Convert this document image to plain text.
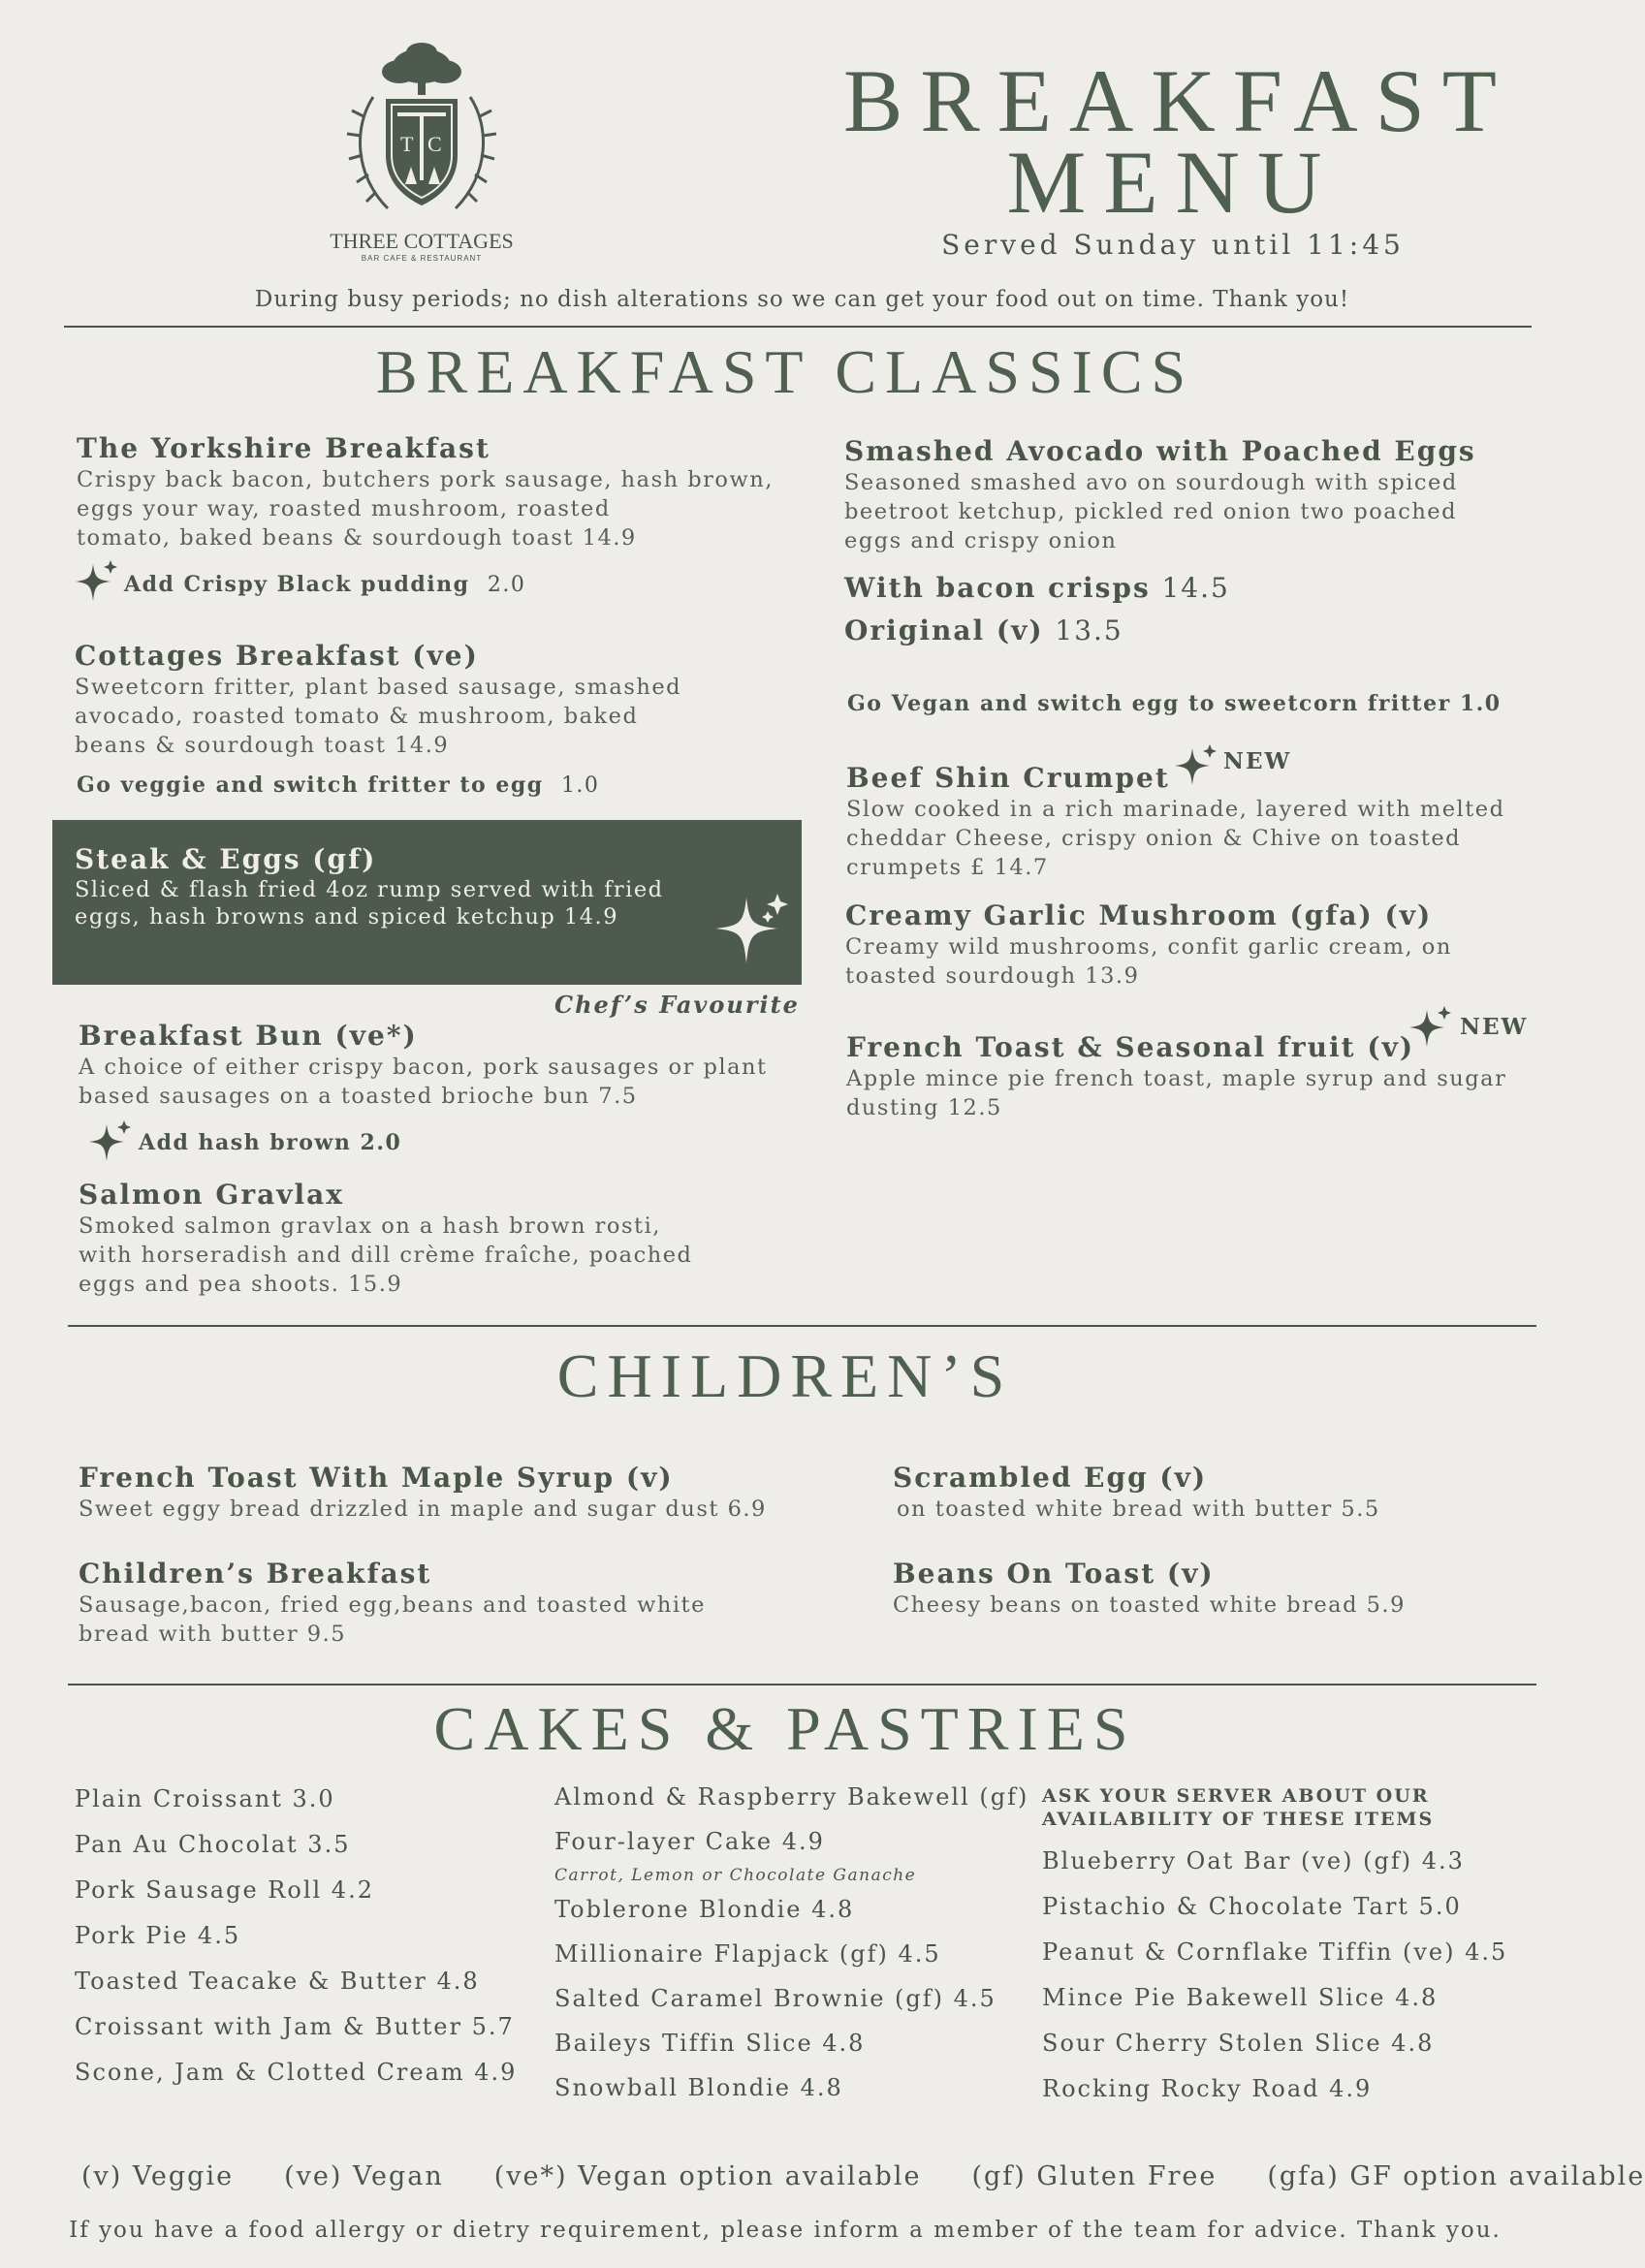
T C
THREE COTTAGES
BAR CAFE & RESTAURANT
BREAKFAST
MENU
Served Sunday until 11:45
During busy periods; no dish alterations so we can get your food out on time. Thank you!
BREAKFAST CLASSICS
The Yorkshire Breakfast
Crispy back bacon, butchers pork sausage, hash brown,
eggs your way, roasted mushroom, roasted
tomato, baked beans & sourdough toast 14.9
Add Crispy Black pudding 2.0
Cottages Breakfast (ve)
Sweetcorn fritter, plant based sausage, smashed
avocado, roasted tomato & mushroom, baked
beans & sourdough toast 14.9
Go veggie and switch fritter to egg 1.0
Steak & Eggs (gf)
Sliced & flash fried 4oz rump served with fried
eggs, hash browns and spiced ketchup 14.9
Chef’s Favourite
Breakfast Bun (ve*)
A choice of either crispy bacon, pork sausages or plant
based sausages on a toasted brioche bun 7.5
Add hash brown 2.0
Salmon Gravlax
Smoked salmon gravlax on a hash brown rosti,
with horseradish and dill crème fraîche, poached
eggs and pea shoots. 15.9
Smashed Avocado with Poached Eggs
Seasoned smashed avo on sourdough with spiced
beetroot ketchup, pickled red onion two poached
eggs and crispy onion
With bacon crisps 14.5
Original (v) 13.5
Go Vegan and switch egg to sweetcorn fritter 1.0
Beef Shin Crumpet
NEW
Slow cooked in a rich marinade, layered with melted
cheddar Cheese, crispy onion & Chive on toasted
crumpets £ 14.7
Creamy Garlic Mushroom (gfa) (v)
Creamy wild mushrooms, confit garlic cream, on
toasted sourdough 13.9
NEW
French Toast & Seasonal fruit (v)
Apple mince pie french toast, maple syrup and sugar
dusting 12.5
CHILDREN’S
French Toast With Maple Syrup (v)
Sweet eggy bread drizzled in maple and sugar dust 6.9
Children’s Breakfast
Sausage,bacon, fried egg,beans and toasted white
bread with butter 9.5
Scrambled Egg (v)
on toasted white bread with butter 5.5
Beans On Toast (v)
Cheesy beans on toasted white bread 5.9
CAKES & PASTRIES
Plain Croissant 3.0
Pan Au Chocolat 3.5
Pork Sausage Roll 4.2
Pork Pie 4.5
Toasted Teacake & Butter 4.8
Croissant with Jam & Butter 5.7
Scone, Jam & Clotted Cream 4.9
Almond & Raspberry Bakewell (gf)
Four-layer Cake 4.9
Carrot, Lemon or Chocolate Ganache
Toblerone Blondie 4.8
Millionaire Flapjack (gf) 4.5
Salted Caramel Brownie (gf) 4.5
Baileys Tiffin Slice 4.8
Snowball Blondie 4.8
ASK YOUR SERVER ABOUT OUR
AVAILABILITY OF THESE ITEMS
Blueberry Oat Bar (ve) (gf) 4.3
Pistachio & Chocolate Tart 5.0
Peanut & Cornflake Tiffin (ve) 4.5
Mince Pie Bakewell Slice 4.8
Sour Cherry Stolen Slice 4.8
Rocking Rocky Road 4.9
(v) Veggie (ve) Vegan (ve*) Vegan option available (gf) Gluten Free (gfa) GF option available
If you have a food allergy or dietry requirement, please inform a member of the team for advice. Thank you.
